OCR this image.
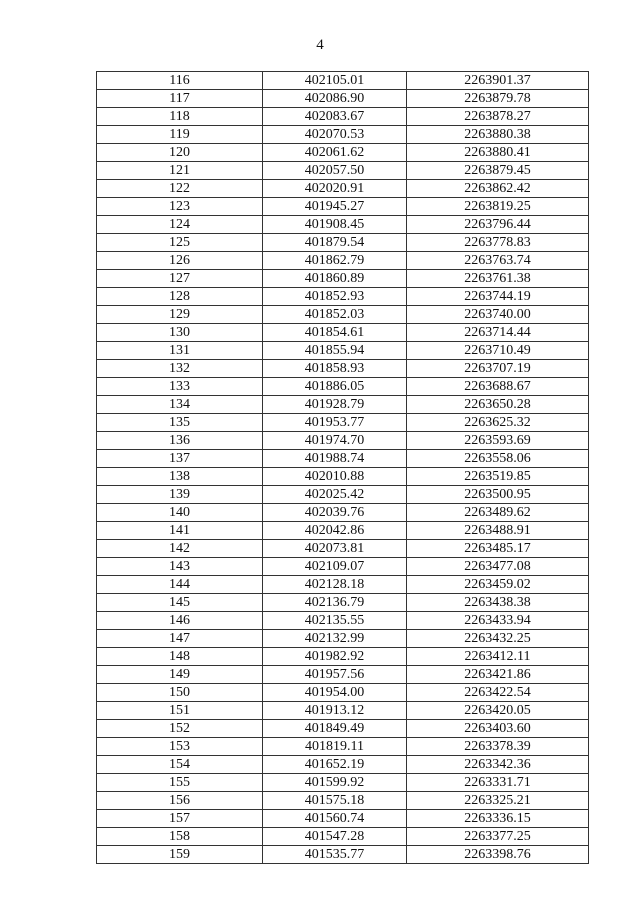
4
116	402105.01	2263901.37
117	402086.90	2263879.78
118	402083.67	2263878.27
119	402070.53	2263880.38
120	402061.62	2263880.41
121	402057.50	2263879.45
122	402020.91	2263862.42
123	401945.27	2263819.25
124	401908.45	2263796.44
125	401879.54	2263778.83
126	401862.79	2263763.74
127	401860.89	2263761.38
128	401852.93	2263744.19
129	401852.03	2263740.00
130	401854.61	2263714.44
131	401855.94	2263710.49
132	401858.93	2263707.19
133	401886.05	2263688.67
134	401928.79	2263650.28
135	401953.77	2263625.32
136	401974.70	2263593.69
137	401988.74	2263558.06
138	402010.88	2263519.85
139	402025.42	2263500.95
140	402039.76	2263489.62
141	402042.86	2263488.91
142	402073.81	2263485.17
143	402109.07	2263477.08
144	402128.18	2263459.02
145	402136.79	2263438.38
146	402135.55	2263433.94
147	402132.99	2263432.25
148	401982.92	2263412.11
149	401957.56	2263421.86
150	401954.00	2263422.54
151	401913.12	2263420.05
152	401849.49	2263403.60
153	401819.11	2263378.39
154	401652.19	2263342.36
155	401599.92	2263331.71
156	401575.18	2263325.21
157	401560.74	2263336.15
158	401547.28	2263377.25
159	401535.77	2263398.76
